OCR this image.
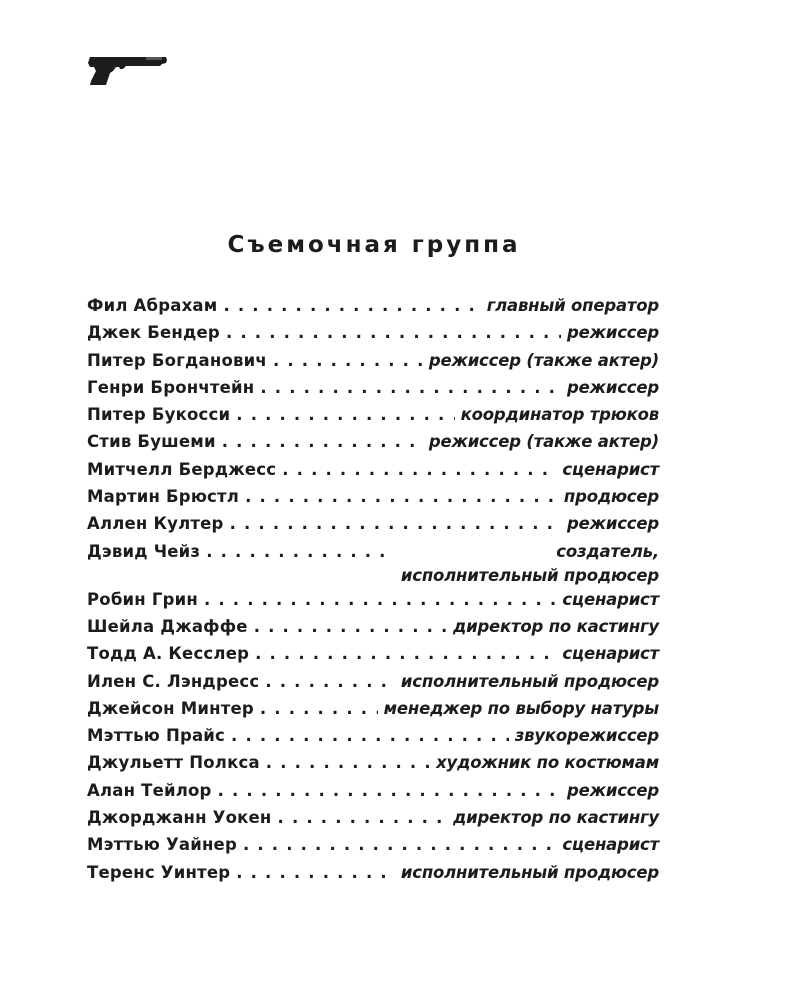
Съемочная группа
Фил Абрахам . . .	главный оператор
Джек Бендер . . .	режиссер
Питер Богданович . . .	режиссер (также актер)
Генри Брончтейн . . .	режиссер
Питер Букосси . . .	координатор трюков
Стив Бушеми . . .	режиссер (также актер)
Митчелл Берджесс . . .	сценарист
Мартин Брюстл . . .	продюсер
Аллен Култер . . .	режиссер
Дэвид Чейз . . .	создатель,
исполнительный продюсер
Робин Грин . . .	сценарист
Шейла Джаффе . . .	директор по кастингу
Тодд А. Кесслер . . .	сценарист
Илен С. Лэндресс . . .	исполнительный продюсер
Джейсон Минтер . . .	менеджер по выбору натуры
Мэттью Прайс . . .	звукорежиссер
Джульетт Полкса . . .	художник по костюмам
Алан Тейлор . . .	режиссер
Джорджанн Уокен . . .	директор по кастингу
Мэттью Уайнер . . .	сценарист
Теренс Уинтер . . .	исполнительный продюсер
